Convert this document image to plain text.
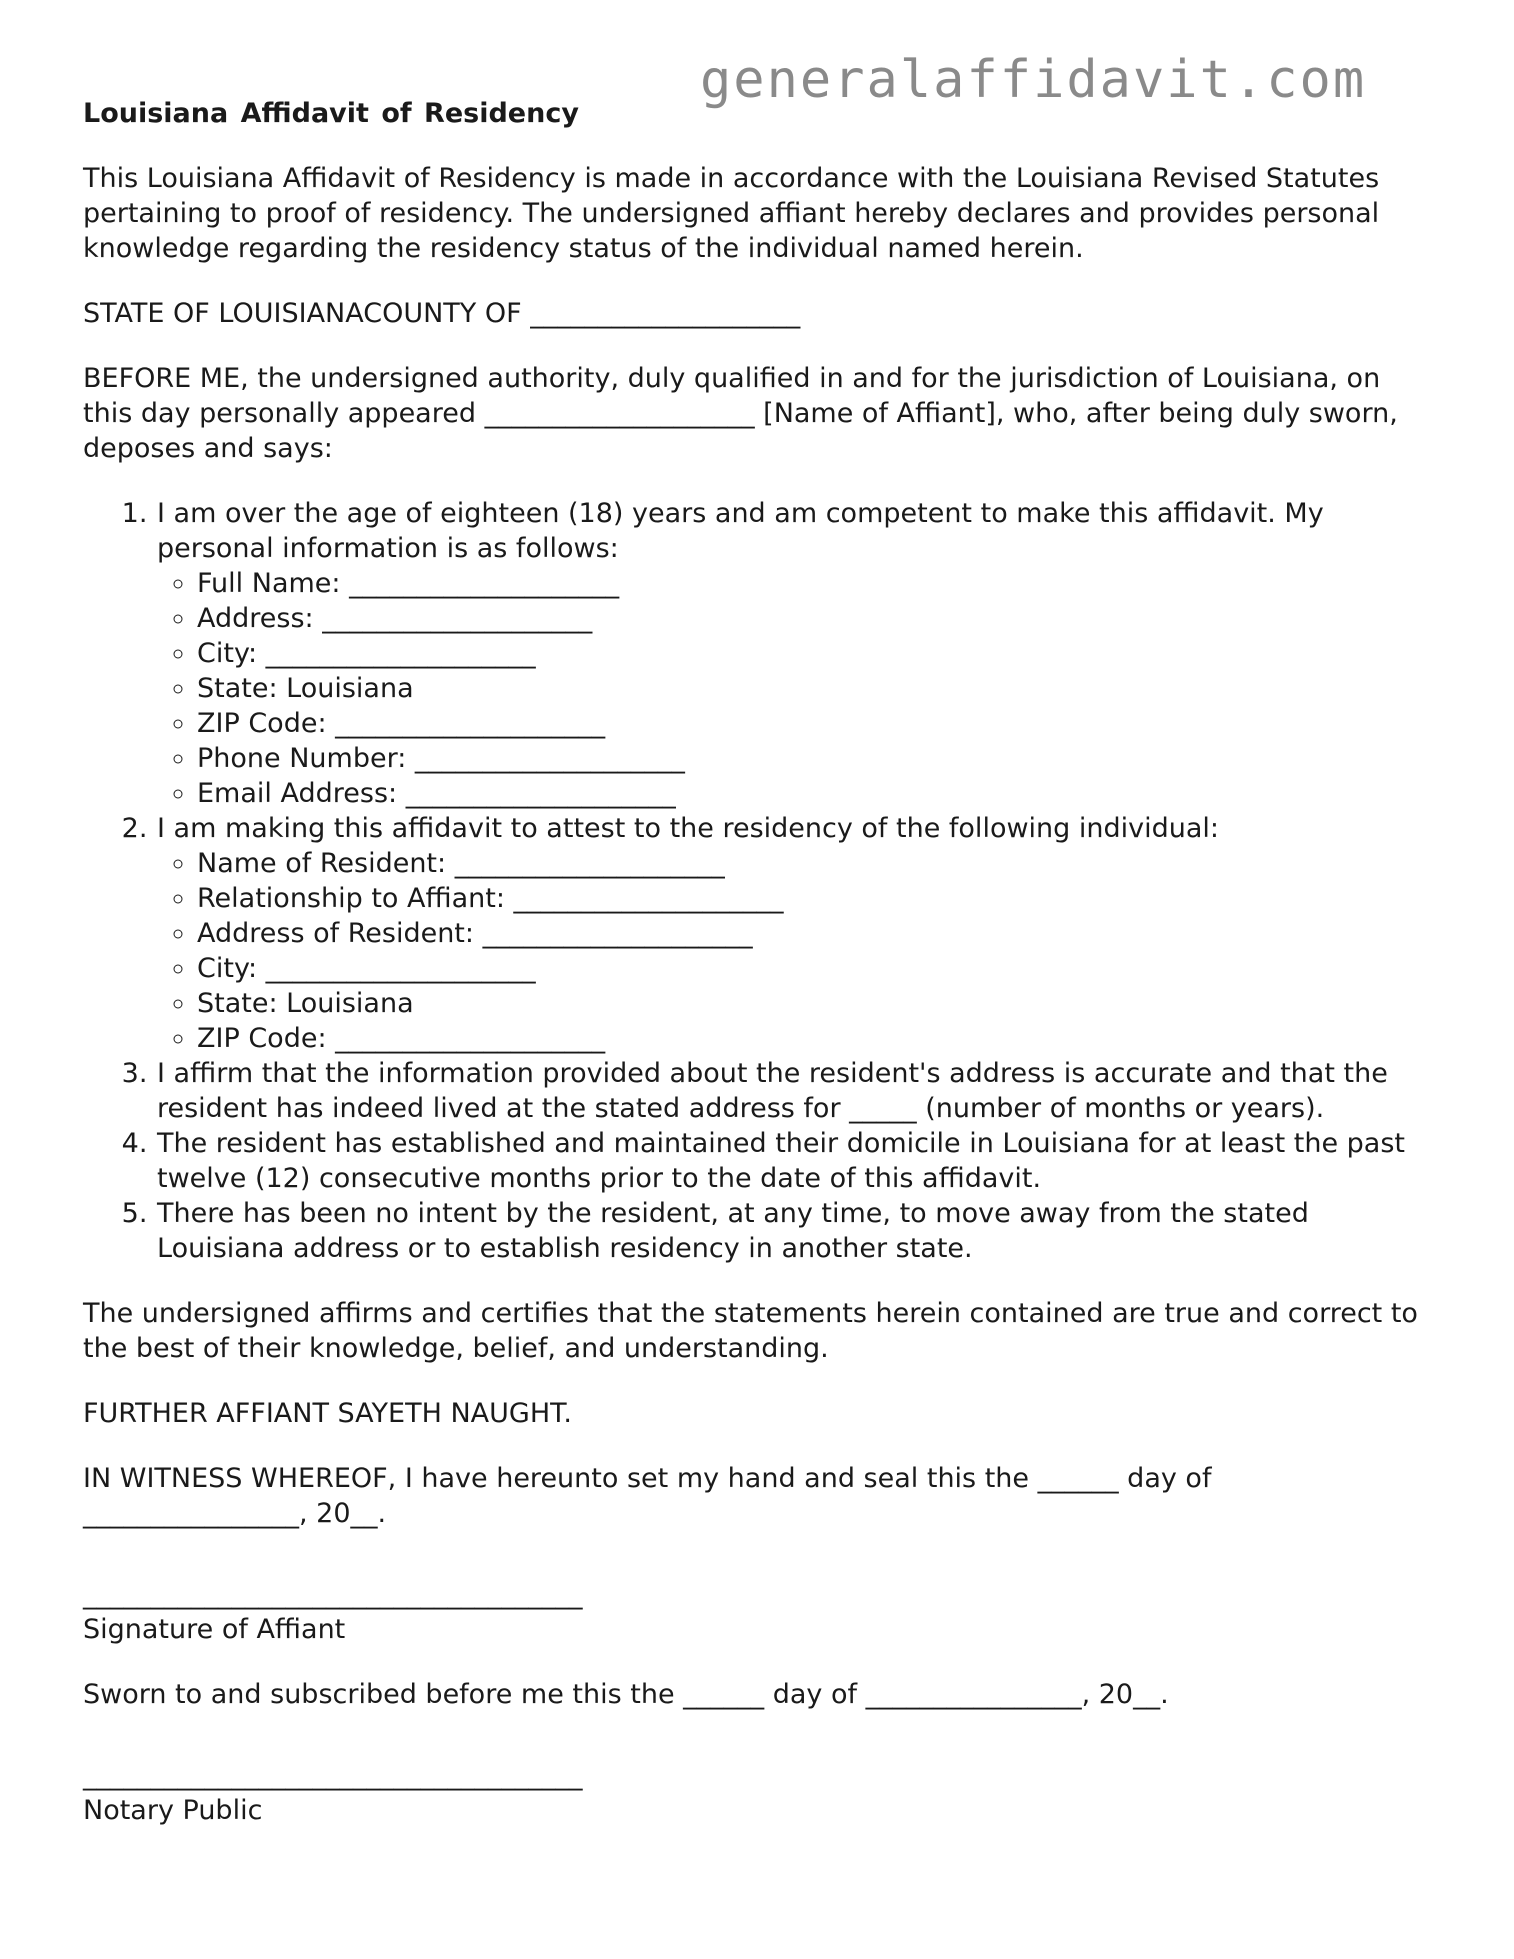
generalaffidavit.com
Louisiana Affidavit of Residency

This Louisiana Affidavit of Residency is made in accordance with the Louisiana Revised Statutes pertaining to proof of residency. The undersigned affiant hereby declares and provides personal knowledge regarding the residency status of the individual named herein.

STATE OF LOUISIANACOUNTY OF ____________________

BEFORE ME, the undersigned authority, duly qualified in and for the jurisdiction of Louisiana, on this day personally appeared ____________________ [Name of Affiant], who, after being duly sworn, deposes and says:

1. I am over the age of eighteen (18) years and am competent to make this affidavit. My personal information is as follows:
◦ Full Name: ____________________
◦ Address: ____________________
◦ City: ____________________
◦ State: Louisiana
◦ ZIP Code: ____________________
◦ Phone Number: ____________________
◦ Email Address: ____________________
2. I am making this affidavit to attest to the residency of the following individual:
◦ Name of Resident: ____________________
◦ Relationship to Affiant: ____________________
◦ Address of Resident: ____________________
◦ City: ____________________
◦ State: Louisiana
◦ ZIP Code: ____________________
3. I affirm that the information provided about the resident's address is accurate and that the resident has indeed lived at the stated address for _____ (number of months or years).
4. The resident has established and maintained their domicile in Louisiana for at least the past twelve (12) consecutive months prior to the date of this affidavit.
5. There has been no intent by the resident, at any time, to move away from the stated Louisiana address or to establish residency in another state.

The undersigned affirms and certifies that the statements herein contained are true and correct to the best of their knowledge, belief, and understanding.

FURTHER AFFIANT SAYETH NAUGHT.

IN WITNESS WHEREOF, I have hereunto set my hand and seal this the ______ day of ________________, 20__.

_____________________________________

Signature of Affiant

Sworn to and subscribed before me this the ______ day of ________________, 20__.

_____________________________________

Notary Public
